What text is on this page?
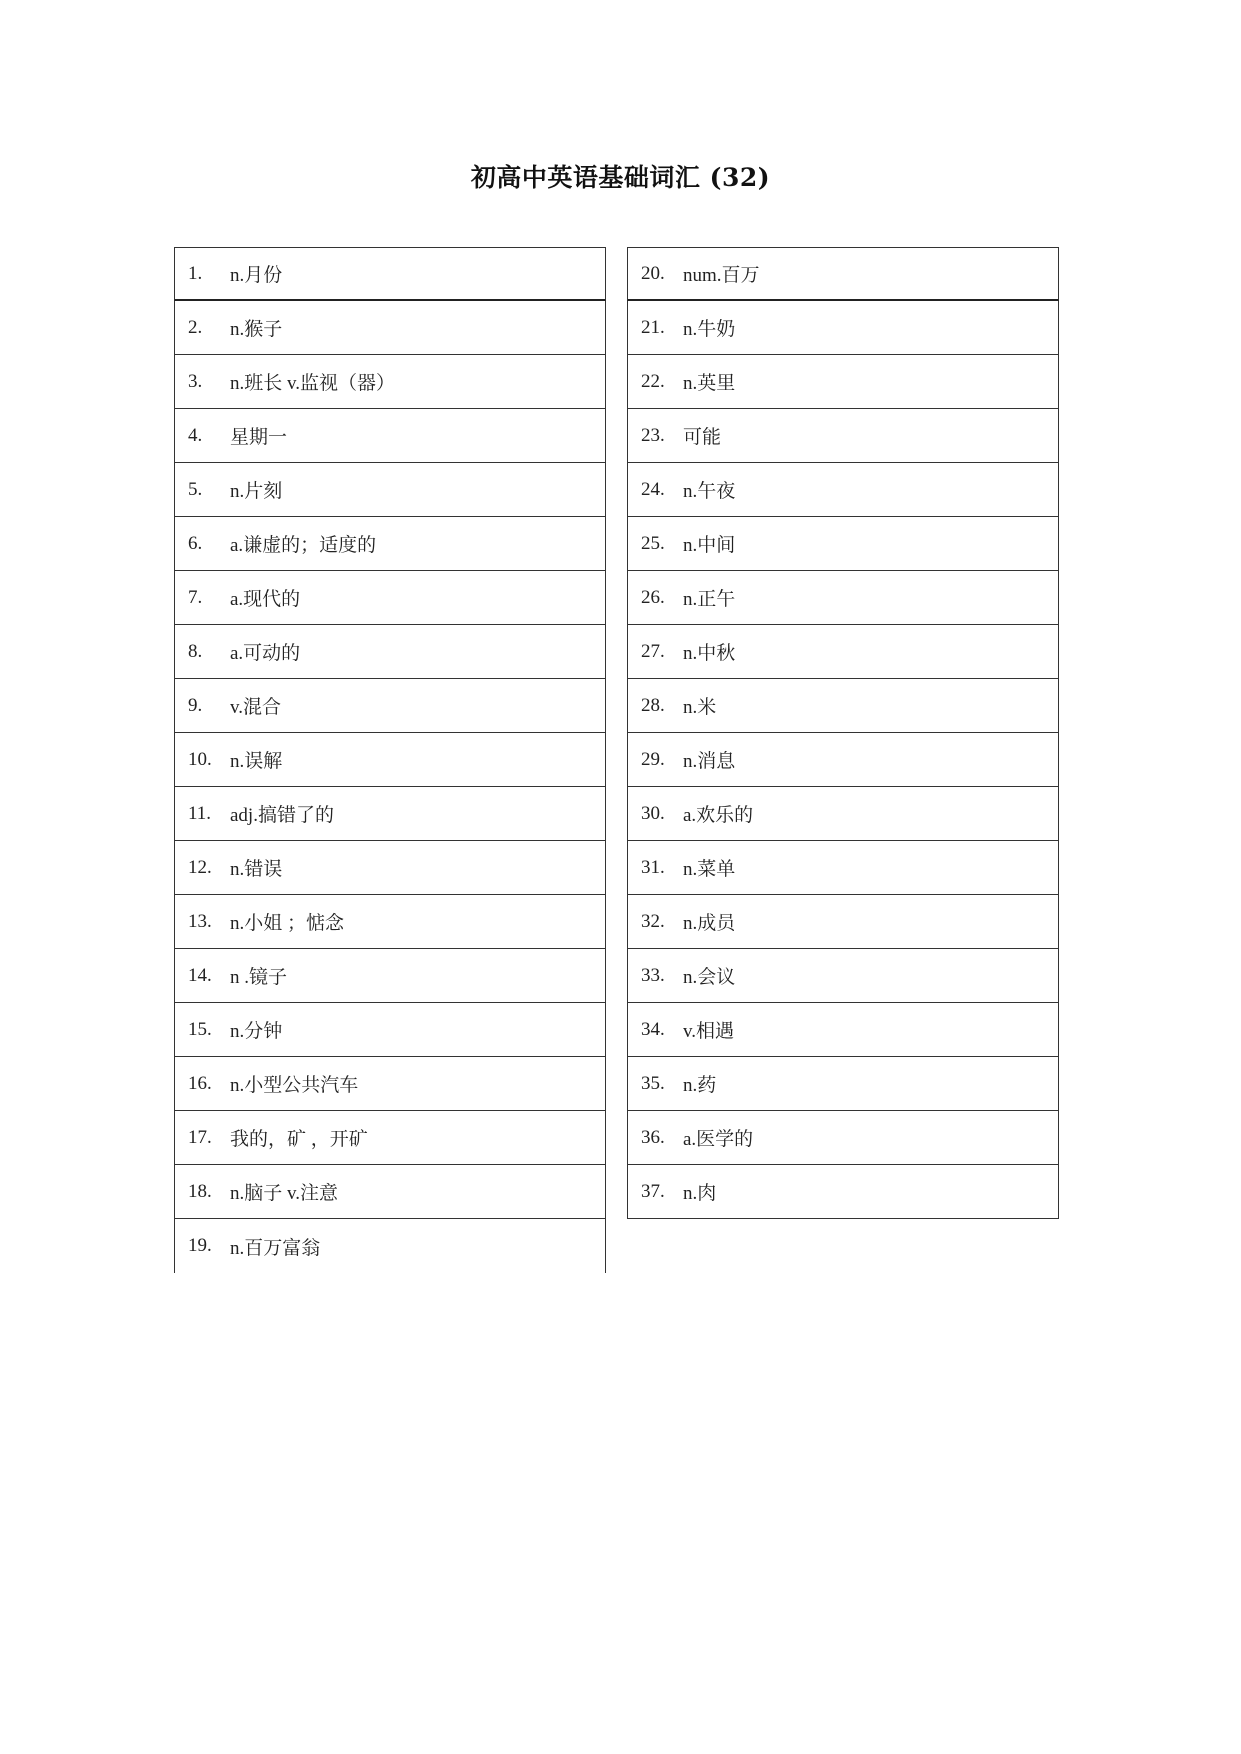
初高中英语基础词汇 (32)
1.	n.月份
2.	n.猴子
3.	n.班长 v.监视（器）
4.	星期一
5.	n.片刻
6.	a.谦虚的；适度的
7.	a.现代的
8.	a.可动的
9.	v.混合
10. n.误解
11. adj.搞错了的
12. n.错误
13. n.小姐 ；惦念
14. n .镜子
15. n.分钟
16. n.小型公共汽车
17. 我的，矿 ，开矿
18. n.脑子 v.注意
19. n.百万富翁
20. num.百万
21. n.牛奶
22. n.英里
23. 可能
24. n.午夜
25. n.中间
26. n.正午
27. n.中秋
28. n.米
29. n.消息
30. a.欢乐的
31. n.菜单
32. n.成员
33. n.会议
34. v.相遇
35. n.药
36. a.医学的
37. n.肉
